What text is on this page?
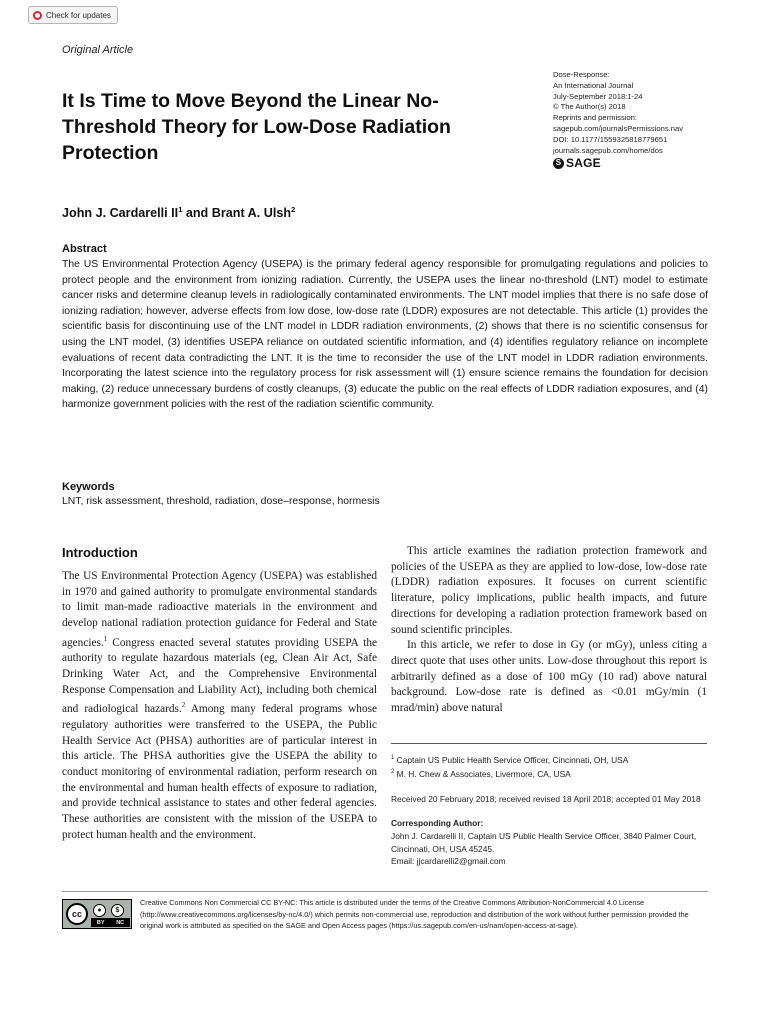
Check for updates
Original Article
It Is Time to Move Beyond the Linear No-Threshold Theory for Low-Dose Radiation Protection
Dose-Response:
An International Journal
July-September 2018:1-24
© The Author(s) 2018
Reprints and permission:
sagepub.com/journalsPermissions.nav
DOI: 10.1177/1559325818779651
journals.sagepub.com/home/dos
S SAGE
John J. Cardarelli $II^1$ and Brant A. Ulsh$^2$
Abstract

The US Environmental Protection Agency (USEPA) is the primary federal agency responsible for promulgating regulations and policies to protect people and the environment from ionizing radiation. Currently, the USEPA uses the linear no-threshold (LNT) model to estimate cancer risks and determine cleanup levels in radiologically contaminated environments. The LNT model implies that there is no safe dose of ionizing radiation; however, adverse effects from low dose, low-dose rate (LDDR) exposures are not detectable. This article (1) provides the scientific basis for discontinuing use of the LNT model in LDDR radiation environments, (2) shows that there is no scientific consensus for using the LNT model, (3) identifies USEPA reliance on outdated scientific information, and (4) identifies regulatory reliance on incomplete evaluations of recent data contradicting the LNT. It is the time to reconsider the use of the LNT model in LDDR radiation environments. Incorporating the latest science into the regulatory process for risk assessment will (1) ensure science remains the foundation for decision making, (2) reduce unnecessary burdens of costly cleanups, (3) educate the public on the real effects of LDDR radiation exposures, and (4) harmonize government policies with the rest of the radiation scientific community.

Keywords
LNT, risk assessment, threshold, radiation, dose–response, hormesis
Introduction

The US Environmental Protection Agency (USEPA) was established in 1970 and gained authority to promulgate environmental standards to limit man-made radioactive materials in the environment and develop national radiation protection guidance for Federal and State agencies.$^1$ Congress enacted several statutes providing USEPA the authority to regulate hazardous materials (eg, Clean Air Act, Safe Drinking Water Act, and the Comprehensive Environmental Response Compensation and Liability Act), including both chemical and radiological hazards.$^2$ Among many federal programs whose regulatory authorities were transferred to the USEPA, the Public Health Service Act (PHSA) authorities are of particular interest in this article. The PHSA authorities give the USEPA the ability to conduct monitoring of environmental radiation, perform research on the environmental and human health effects of exposure to radiation, and provide technical assistance to states and other federal agencies. These authorities are consistent with the mission of the USEPA to protect human health and the environment.

This article examines the radiation protection framework and policies of the USEPA as they are applied to low-dose, low-dose rate (LDDR) radiation exposures. It focuses on current scientific literature, policy implications, public health impacts, and future directions for developing a radiation protection framework based on sound scientific principles.

In this article, we refer to dose in Gy (or mGy), unless citing a direct quote that uses other units. Low-dose throughout this report is arbitrarily defined as a dose of 100 mGy (10 rad) above natural background. Low-dose rate is defined as <0.01 mGy/min (1 mrad/min) above natural

$^1$ Captain US Public Health Service Officer, Cincinnati, OH, USA
$^2$ M. H. Chew & Associates, Livermore, CA, USA
Received 20 February 2018; received revised 18 April 2018; accepted 01 May 2018
Corresponding Author:
John J. Cardarelli II, Captain US Public Health Service Officer, 3840 Palmer Court, Cincinnati, OH, USA 45245.
Email: jjcardarelli2@gmail.com
cc	●	$
BY NC
Creative Commons Non Commercial CC BY-NC: This article is distributed under the terms of the Creative Commons Attribution-NonCommercial 4.0 License (http://www.creativecommons.org/licenses/by-nc/4.0/) which permits non-commercial use, reproduction and distribution of the work without further permission provided the original work is attributed as specified on the SAGE and Open Access pages (https://us.sagepub.com/en-us/nam/open-access-at-sage).
